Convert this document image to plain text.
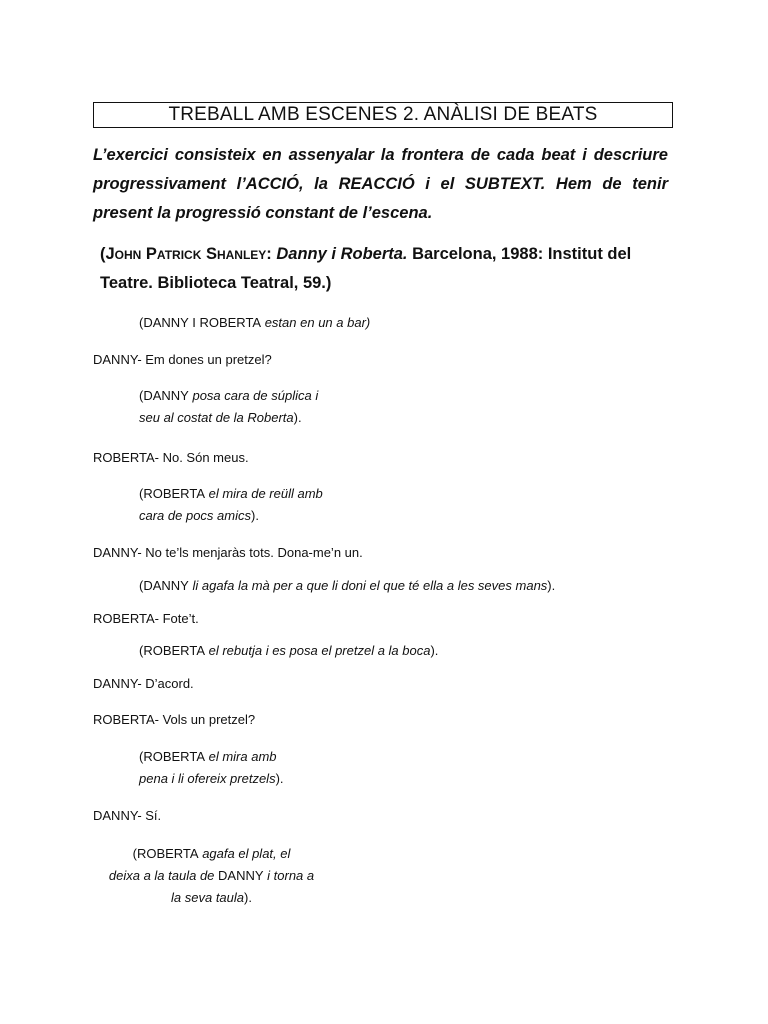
TREBALL AMB ESCENES 2. ANÀLISI DE BEATS
L’exercici consisteix en assenyalar la frontera de cada beat i descriure
progressivament l’ACCIÓ, la REACCIÓ i el SUBTEXT. Hem de tenir
present la progressió constant de l’escena.
(John Patrick Shanley: Danny i Roberta. Barcelona, 1988: Institut del
Teatre. Biblioteca Teatral, 59.)
(DANNY I ROBERTA estan en un a bar)
DANNY- Em dones un pretzel?
(DANNY posa cara de súplica i
seu al costat de la Roberta).
ROBERTA- No. Són meus.
(ROBERTA el mira de reüll amb
cara de pocs amics).
DANNY- No te’ls menjaràs tots. Dona-me’n un.
(DANNY li agafa la mà per a que li doni el que té ella a les seves mans).
ROBERTA- Fote’t.
(ROBERTA el rebutja i es posa el pretzel a la boca).
DANNY- D’acord.
ROBERTA- Vols un pretzel?
(ROBERTA el mira amb
pena i li ofereix pretzels).
DANNY- Sí.
(ROBERTA agafa el plat, el
deixa a la taula de DANNY i torna a
la seva taula).
